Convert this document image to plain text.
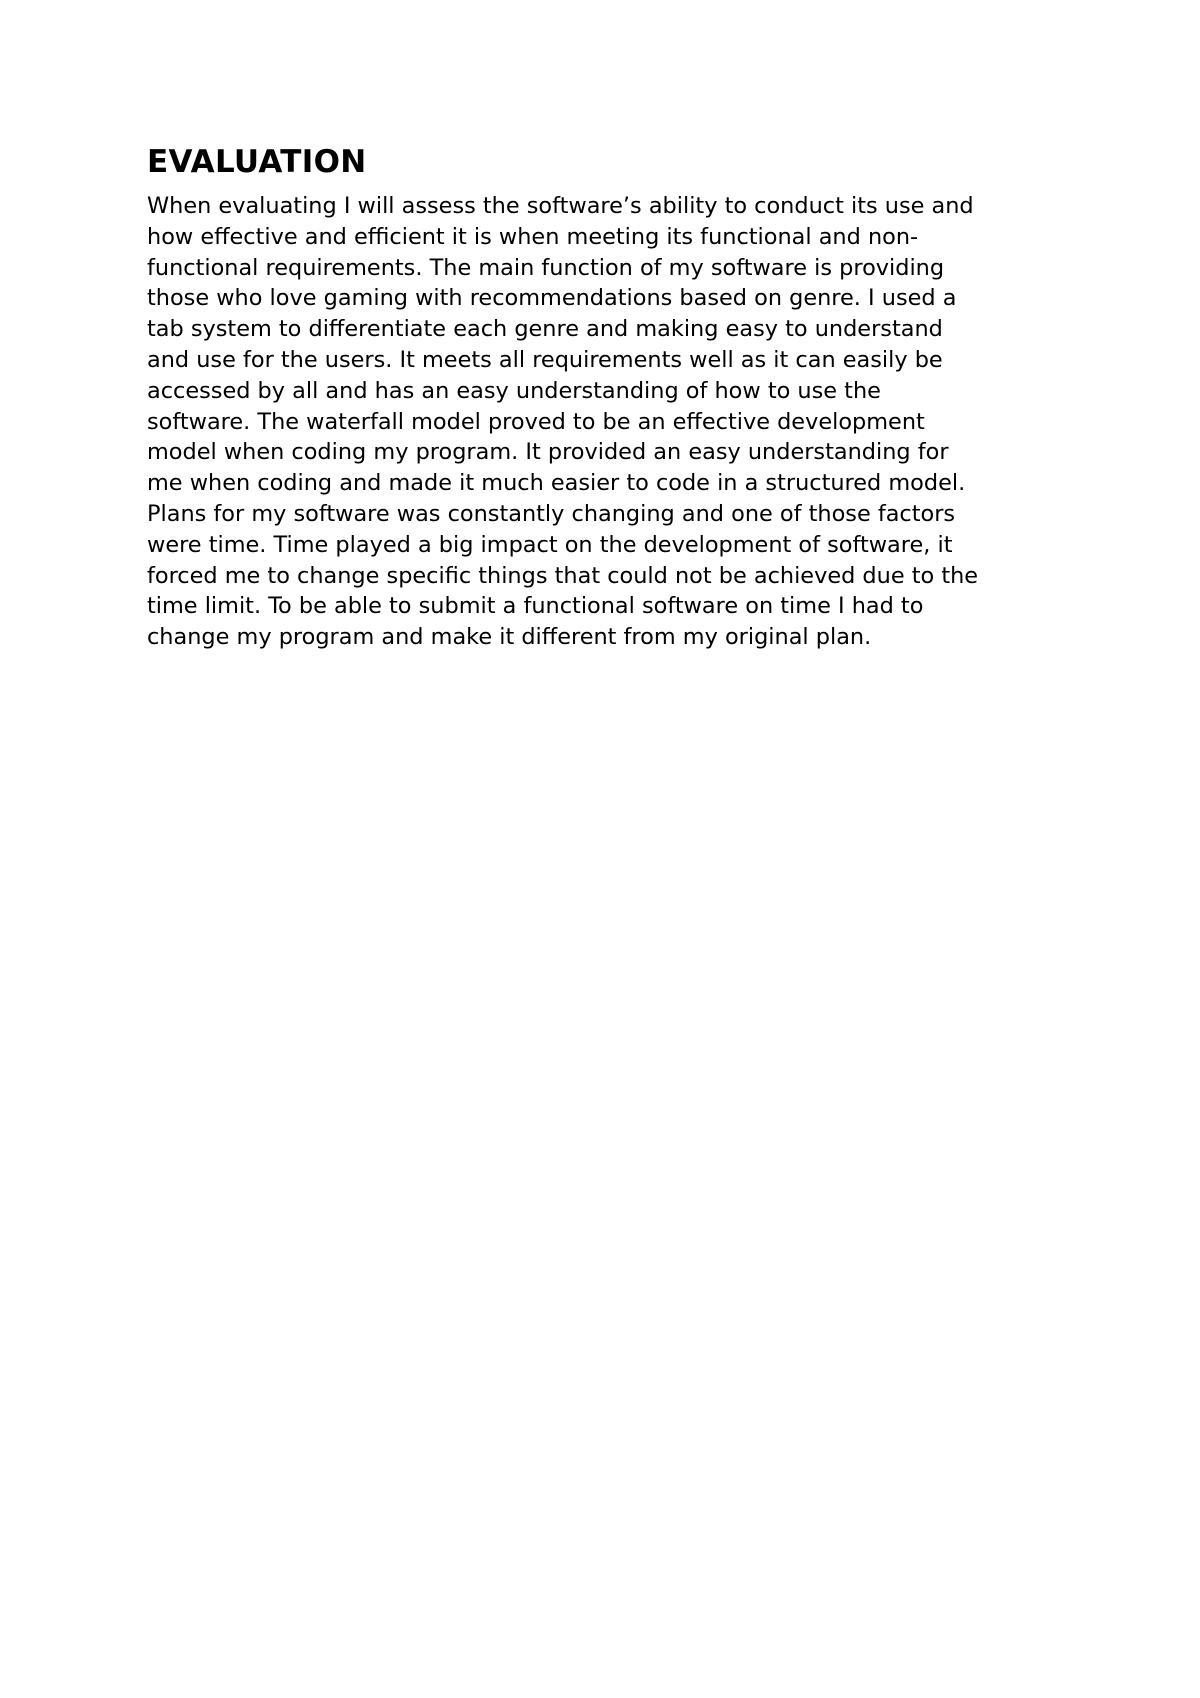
EVALUATION
When evaluating I will assess the software’s ability to conduct its use and
how effective and efficient it is when meeting its functional and non-
functional requirements. The main function of my software is providing
those who love gaming with recommendations based on genre. I used a
tab system to differentiate each genre and making easy to understand
and use for the users. It meets all requirements well as it can easily be
accessed by all and has an easy understanding of how to use the
software. The waterfall model proved to be an effective development
model when coding my program. It provided an easy understanding for
me when coding and made it much easier to code in a structured model.
Plans for my software was constantly changing and one of those factors
were time. Time played a big impact on the development of software, it
forced me to change specific things that could not be achieved due to the
time limit. To be able to submit a functional software on time I had to
change my program and make it different from my original plan.
